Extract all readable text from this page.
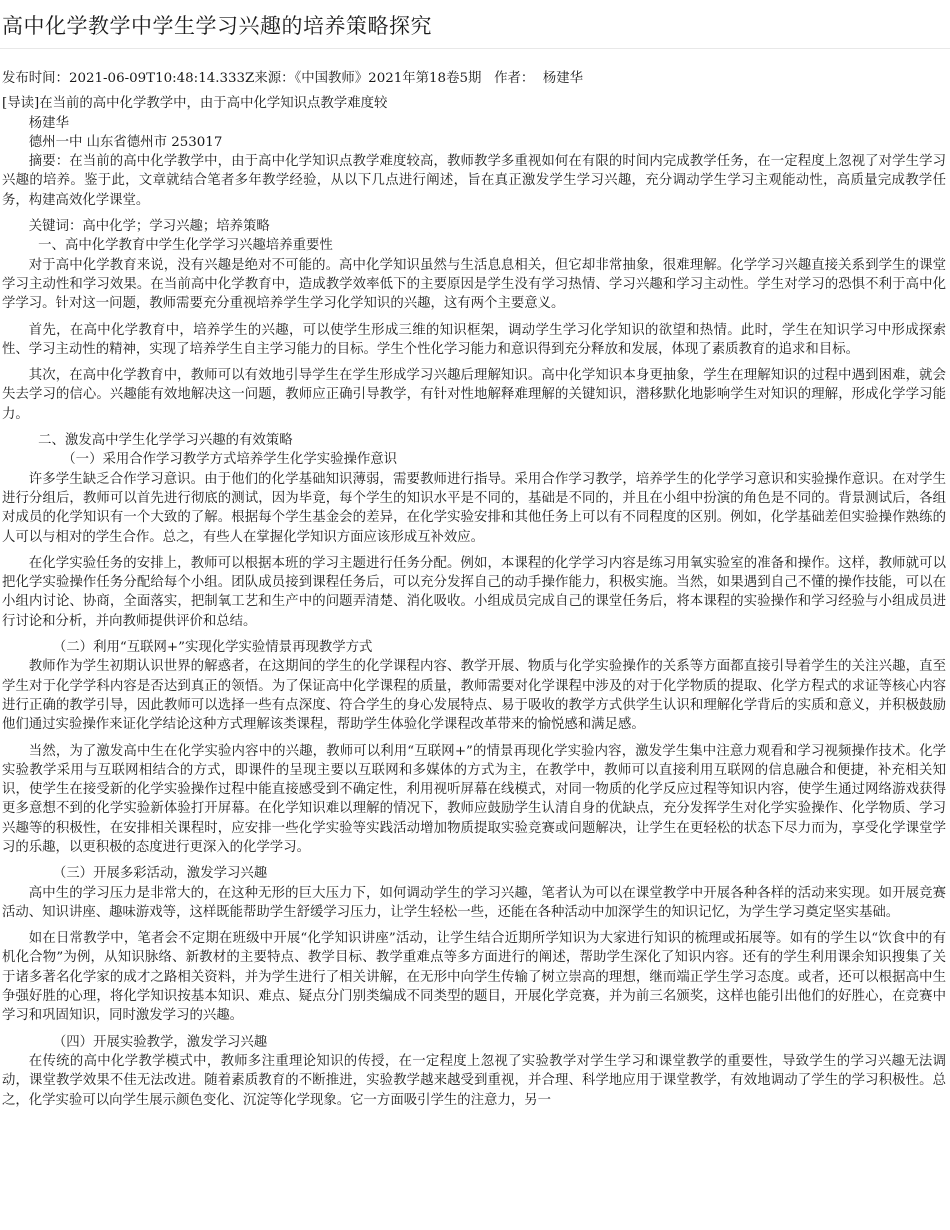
高中化学教学中学生学习兴趣的培养策略探究

发布时间：2021-06-09T10:48:14.333Z来源：《中国教师》2021年第18卷5期 作者： 杨建华

[导读]在当前的高中化学教学中，由于高中化学知识点教学难度较

杨建华

德州一中 山东省德州市 253017

摘要：在当前的高中化学教学中，由于高中化学知识点教学难度较高，教师教学多重视如何在有限的时间内完成教学任务，在一定程度上忽视了对学生学习兴趣的培养。鉴于此，文章就结合笔者多年教学经验，从以下几点进行阐述，旨在真正激发学生学习兴趣，充分调动学生学习主观能动性，高质量完成教学任务，构建高效化学课堂。

关键词：高中化学；学习兴趣；培养策略

一、高中化学教育中学生化学学习兴趣培养重要性

对于高中化学教育来说，没有兴趣是绝对不可能的。高中化学知识虽然与生活息息相关，但它却非常抽象，很难理解。化学学习兴趣直接关系到学生的课堂学习主动性和学习效果。在当前高中化学教育中，造成教学效率低下的主要原因是学生没有学习热情、学习兴趣和学习主动性。学生对学习的恐惧不利于高中化学学习。针对这一问题，教师需要充分重视培养学生学习化学知识的兴趣，这有两个主要意义。

首先，在高中化学教育中，培养学生的兴趣，可以使学生形成三维的知识框架，调动学生学习化学知识的欲望和热情。此时，学生在知识学习中形成探索性、学习主动性的精神，实现了培养学生自主学习能力的目标。学生个性化学习能力和意识得到充分释放和发展，体现了素质教育的追求和目标。

其次，在高中化学教育中，教师可以有效地引导学生在学生形成学习兴趣后理解知识。高中化学知识本身更抽象，学生在理解知识的过程中遇到困难，就会失去学习的信心。兴趣能有效地解决这一问题，教师应正确引导教学，有针对性地解释难理解的关键知识，潜移默化地影响学生对知识的理解，形成化学学习能力。

二、激发高中学生化学学习兴趣的有效策略

（一）采用合作学习教学方式培养学生化学实验操作意识

许多学生缺乏合作学习意识。由于他们的化学基础知识薄弱，需要教师进行指导。采用合作学习教学，培养学生的化学学习意识和实验操作意识。在对学生进行分组后，教师可以首先进行彻底的测试，因为毕竟，每个学生的知识水平是不同的，基础是不同的，并且在小组中扮演的角色是不同的。背景测试后，各组对成员的化学知识有一个大致的了解。根据每个学生基金会的差异，在化学实验安排和其他任务上可以有不同程度的区别。例如，化学基础差但实验操作熟练的人可以与相对的学生合作。总之，有些人在掌握化学知识方面应该形成互补效应。

在化学实验任务的安排上，教师可以根据本班的学习主题进行任务分配。例如，本课程的化学学习内容是练习用氧实验室的准备和操作。这样，教师就可以把化学实验操作任务分配给每个小组。团队成员接到课程任务后，可以充分发挥自己的动手操作能力，积极实施。当然，如果遇到自己不懂的操作技能，可以在小组内讨论、协商，全面落实，把制氧工艺和生产中的问题弄清楚、消化吸收。小组成员完成自己的课堂任务后，将本课程的实验操作和学习经验与小组成员进行讨论和分析，并向教师提供评价和总结。

（二）利用“互联网+”实现化学实验情景再现教学方式

教师作为学生初期认识世界的解惑者，在这期间的学生的化学课程内容、教学开展、物质与化学实验操作的关系等方面都直接引导着学生的关注兴趣，直至学生对于化学学科内容是否达到真正的领悟。为了保证高中化学课程的质量，教师需要对化学课程中涉及的对于化学物质的提取、化学方程式的求证等核心内容进行正确的教学引导，因此教师可以选择一些有点深度、符合学生的身心发展特点、易于吸收的教学方式供学生认识和理解化学背后的实质和意义，并积极鼓励他们通过实验操作来证化学结论这种方式理解该类课程，帮助学生体验化学课程改革带来的愉悦感和满足感。

当然，为了激发高中生在化学实验内容中的兴趣，教师可以利用“互联网+”的情景再现化学实验内容，激发学生集中注意力观看和学习视频操作技术。化学实验教学采用与互联网相结合的方式，即课件的呈现主要以互联网和多媒体的方式为主，在教学中，教师可以直接利用互联网的信息融合和便捷，补充相关知识，使学生在接受新的化学实验操作过程中能直接感受到不确定性，利用视听屏幕在线模式，对同一物质的化学反应过程等知识内容，使学生通过网络游戏获得更多意想不到的化学实验新体验打开屏幕。在化学知识难以理解的情况下，教师应鼓励学生认清自身的优缺点，充分发挥学生对化学实验操作、化学物质、学习兴趣等的积极性，在安排相关课程时，应安排一些化学实验等实践活动增加物质提取实验竞赛或问题解决，让学生在更轻松的状态下尽力而为，享受化学课堂学习的乐趣，以更积极的态度进行更深入的化学学习。

（三）开展多彩活动，激发学习兴趣

高中生的学习压力是非常大的，在这种无形的巨大压力下，如何调动学生的学习兴趣，笔者认为可以在课堂教学中开展各种各样的活动来实现。如开展竞赛活动、知识讲座、趣味游戏等，这样既能帮助学生舒缓学习压力，让学生轻松一些，还能在各种活动中加深学生的知识记忆，为学生学习奠定坚实基础。

如在日常教学中，笔者会不定期在班级中开展“化学知识讲座”活动，让学生结合近期所学知识为大家进行知识的梳理或拓展等。如有的学生以“饮食中的有机化合物”为例，从知识脉络、新教材的主要特点、教学目标、教学重难点等多方面进行的阐述，帮助学生深化了知识内容。还有的学生利用课余知识搜集了关于诸多著名化学家的成才之路相关资料，并为学生进行了相关讲解，在无形中向学生传输了树立崇高的理想，继而端正学生学习态度。或者，还可以根据高中生争强好胜的心理，将化学知识按基本知识、难点、疑点分门别类编成不同类型的题目，开展化学竞赛，并为前三名颁奖，这样也能引出他们的好胜心，在竞赛中学习和巩固知识，同时激发学习的兴趣。

（四）开展实验教学，激发学习兴趣

在传统的高中化学教学模式中，教师多注重理论知识的传授，在一定程度上忽视了实验教学对学生学习和课堂教学的重要性，导致学生的学习兴趣无法调动，课堂教学效果不佳无法改进。随着素质教育的不断推进，实验教学越来越受到重视，并合理、科学地应用于课堂教学，有效地调动了学生的学习积极性。总之，化学实验可以向学生展示颜色变化、沉淀等化学现象。它一方面吸引学生的注意力，另一
